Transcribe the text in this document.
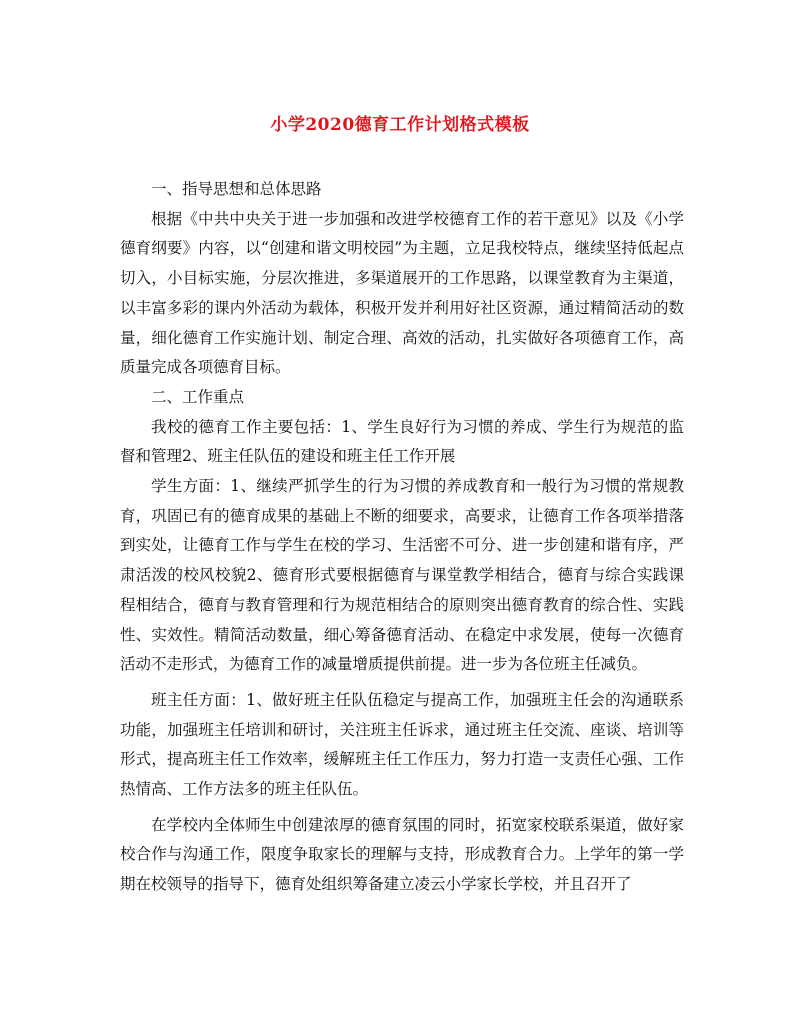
小学2020德育工作计划格式模板

一、指导思想和总体思路

根据《中共中央关于进一步加强和改进学校德育工作的若干意见》以及《小学德育纲要》内容，以“创建和谐文明校园”为主题，立足我校特点，继续坚持低起点切入，小目标实施，分层次推进，多渠道展开的工作思路，以课堂教育为主渠道，以丰富多彩的课内外活动为载体，积极开发并利用好社区资源，通过精简活动的数量，细化德育工作实施计划、制定合理、高效的活动，扎实做好各项德育工作，高质量完成各项德育目标。

二、工作重点

我校的德育工作主要包括：1、学生良好行为习惯的养成、学生行为规范的监督和管理2、班主任队伍的建设和班主任工作开展

学生方面：1、继续严抓学生的行为习惯的养成教育和一般行为习惯的常规教育，巩固已有的德育成果的基础上不断的细要求，高要求，让德育工作各项举措落到实处，让德育工作与学生在校的学习、生活密不可分、进一步创建和谐有序，严肃活泼的校风校貌2、德育形式要根据德育与课堂教学相结合，德育与综合实践课程相结合，德育与教育管理和行为规范相结合的原则突出德育教育的综合性、实践性、实效性。精简活动数量，细心筹备德育活动、在稳定中求发展，使每一次德育活动不走形式，为德育工作的减量增质提供前提。进一步为各位班主任减负。

班主任方面：1、做好班主任队伍稳定与提高工作，加强班主任会的沟通联系功能，加强班主任培训和研讨，关注班主任诉求，通过班主任交流、座谈、培训等形式，提高班主任工作效率，缓解班主任工作压力，努力打造一支责任心强、工作热情高、工作方法多的班主任队伍。

在学校内全体师生中创建浓厚的德育氛围的同时，拓宽家校联系渠道，做好家校合作与沟通工作，限度争取家长的理解与支持，形成教育合力。上学年的第一学期在校领导的指导下，德育处组织筹备建立凌云小学家长学校，并且召开了
